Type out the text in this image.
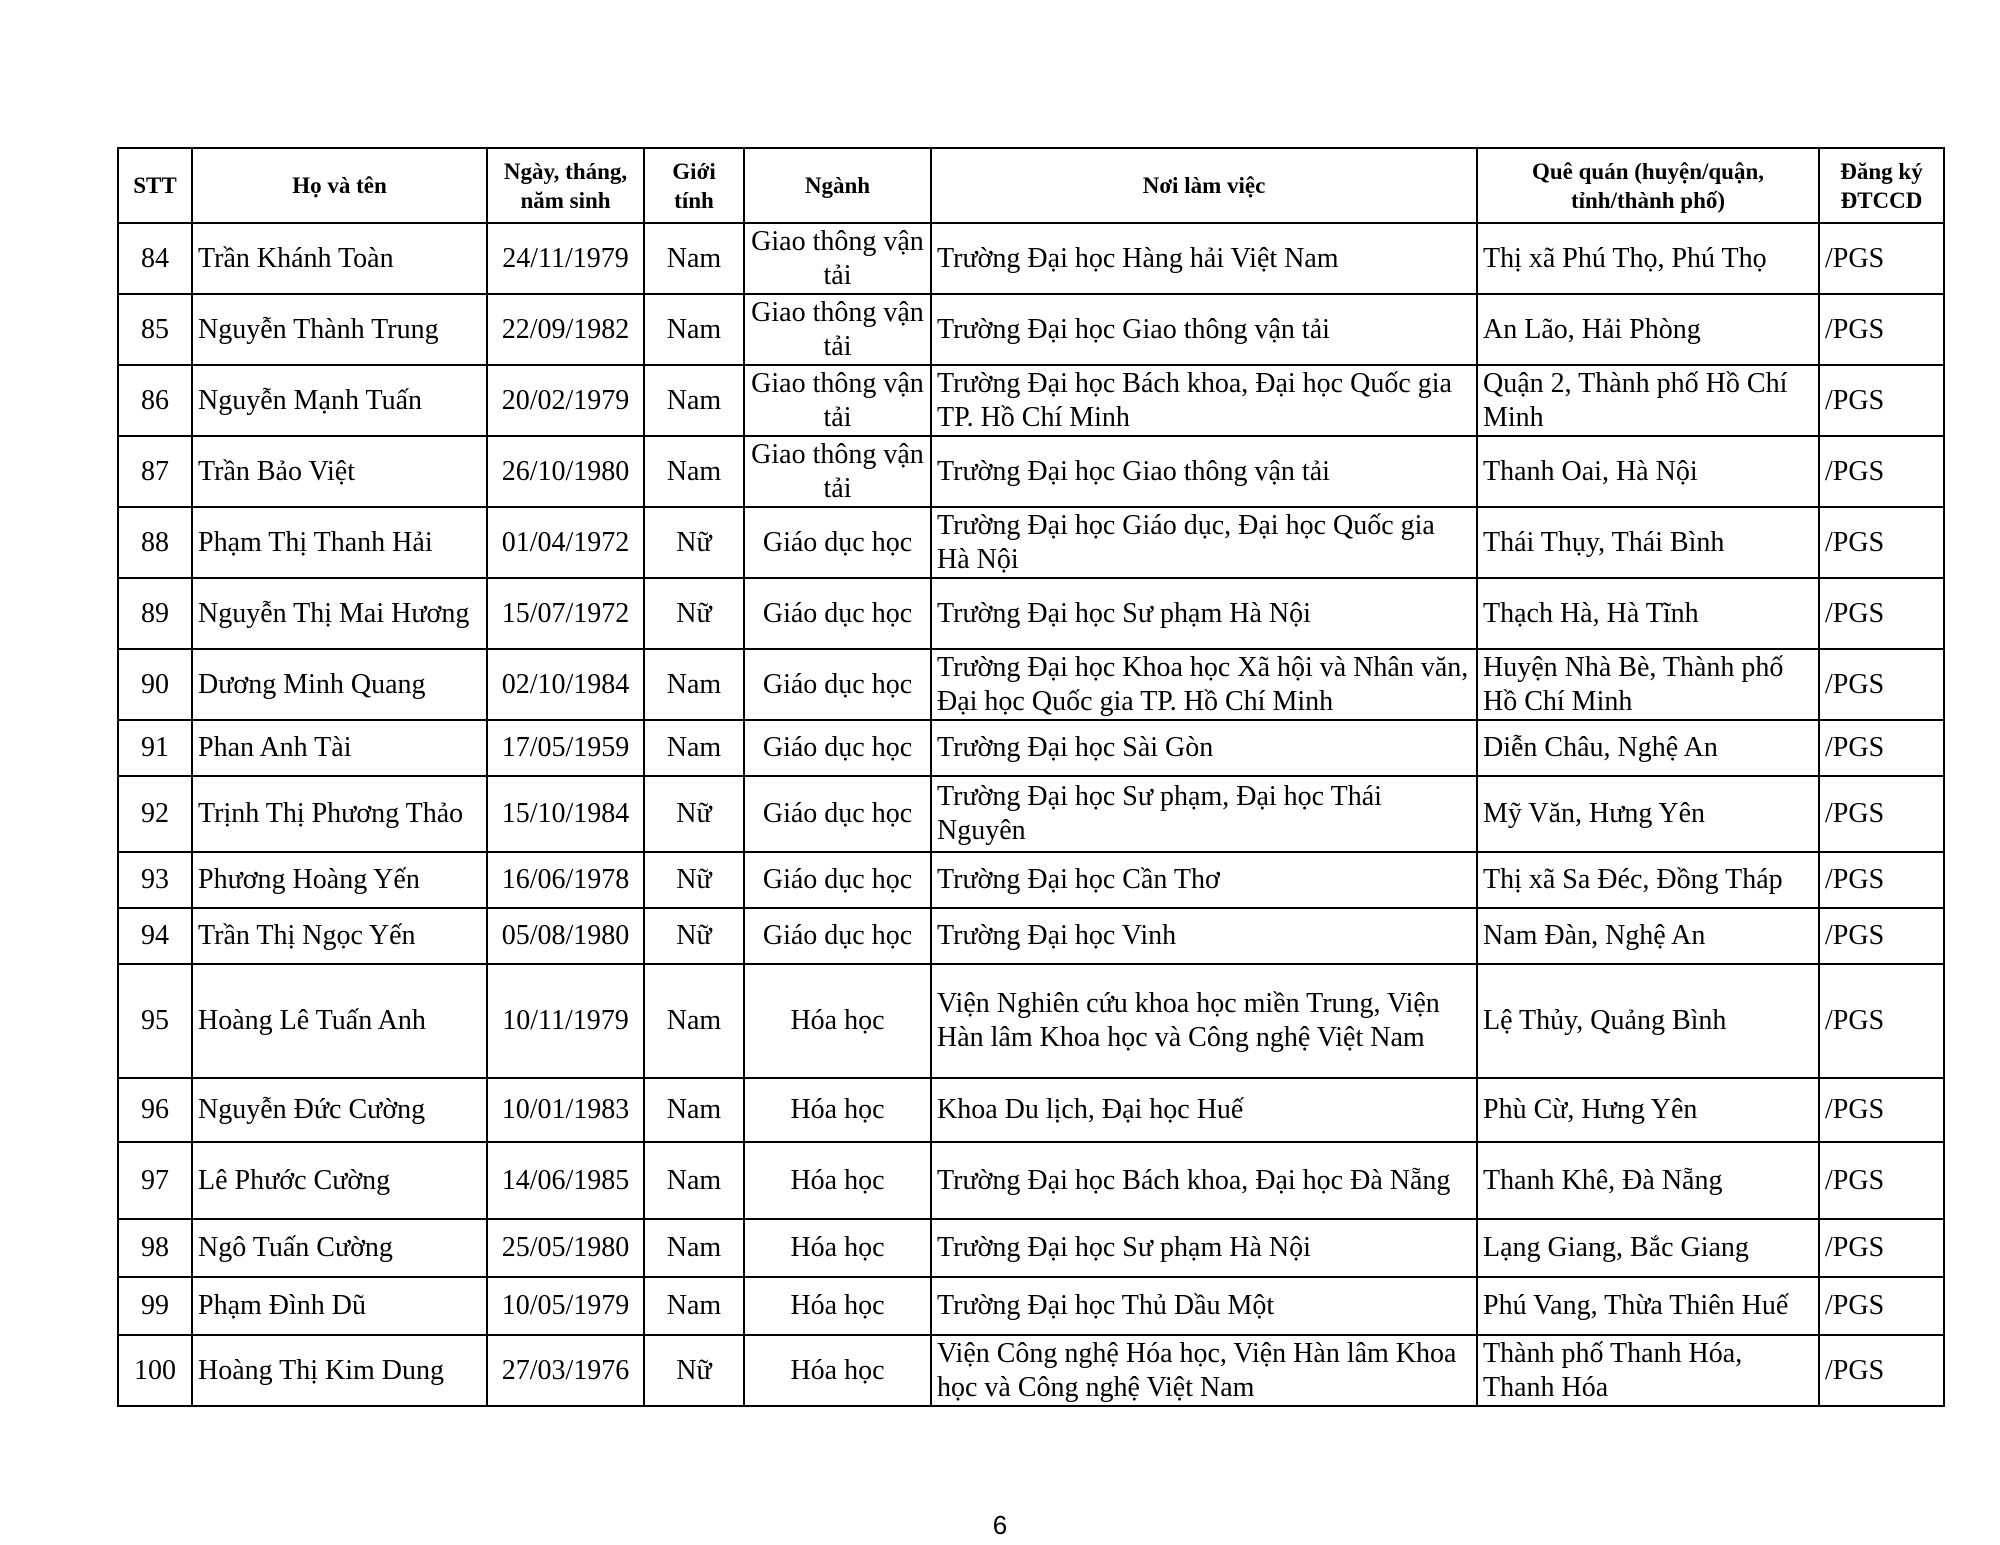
STT	Họ và tên	Ngày, tháng, năm sinh	Giới tính	Ngành	Nơi làm việc	Quê quán (huyện/quận, tỉnh/thành phố)	Đăng ký ĐTCCD
84	Trần Khánh Toàn	24/11/1979	Nam	Giao thông vận tải	Trường Đại học Hàng hải Việt Nam	Thị xã Phú Thọ, Phú Thọ	/PGS
85	Nguyễn Thành Trung	22/09/1982	Nam	Giao thông vận tải	Trường Đại học Giao thông vận tải	An Lão, Hải Phòng	/PGS
86	Nguyễn Mạnh Tuấn	20/02/1979	Nam	Giao thông vận tải	Trường Đại học Bách khoa, Đại học Quốc gia TP. Hồ Chí Minh	Quận 2, Thành phố Hồ Chí Minh	/PGS
87	Trần Bảo Việt	26/10/1980	Nam	Giao thông vận tải	Trường Đại học Giao thông vận tải	Thanh Oai, Hà Nội	/PGS
88	Phạm Thị Thanh Hải	01/04/1972	Nữ	Giáo dục học	Trường Đại học Giáo dục, Đại học Quốc gia Hà Nội	Thái Thụy, Thái Bình	/PGS
89	Nguyễn Thị Mai Hương	15/07/1972	Nữ	Giáo dục học	Trường Đại học Sư phạm Hà Nội	Thạch Hà, Hà Tĩnh	/PGS
90	Dương Minh Quang	02/10/1984	Nam	Giáo dục học	Trường Đại học Khoa học Xã hội và Nhân văn, Đại học Quốc gia TP. Hồ Chí Minh	Huyện Nhà Bè, Thành phố Hồ Chí Minh	/PGS
91	Phan Anh Tài	17/05/1959	Nam	Giáo dục học	Trường Đại học Sài Gòn	Diễn Châu, Nghệ An	/PGS
92	Trịnh Thị Phương Thảo	15/10/1984	Nữ	Giáo dục học	Trường Đại học Sư phạm, Đại học Thái Nguyên	Mỹ Văn, Hưng Yên	/PGS
93	Phương Hoàng Yến	16/06/1978	Nữ	Giáo dục học	Trường Đại học Cần Thơ	Thị xã Sa Đéc, Đồng Tháp	/PGS
94	Trần Thị Ngọc Yến	05/08/1980	Nữ	Giáo dục học	Trường Đại học Vinh	Nam Đàn, Nghệ An	/PGS
95	Hoàng Lê Tuấn Anh	10/11/1979	Nam	Hóa học	Viện Nghiên cứu khoa học miền Trung, Viện Hàn lâm Khoa học và Công nghệ Việt Nam	Lệ Thủy, Quảng Bình	/PGS
96	Nguyễn Đức Cường	10/01/1983	Nam	Hóa học	Khoa Du lịch, Đại học Huế	Phù Cừ, Hưng Yên	/PGS
97	Lê Phước Cường	14/06/1985	Nam	Hóa học	Trường Đại học Bách khoa, Đại học Đà Nẵng	Thanh Khê, Đà Nẵng	/PGS
98	Ngô Tuấn Cường	25/05/1980	Nam	Hóa học	Trường Đại học Sư phạm Hà Nội	Lạng Giang, Bắc Giang	/PGS
99	Phạm Đình Dũ	10/05/1979	Nam	Hóa học	Trường Đại học Thủ Dầu Một	Phú Vang, Thừa Thiên Huế	/PGS
100	Hoàng Thị Kim Dung	27/03/1976	Nữ	Hóa học	Viện Công nghệ Hóa học, Viện Hàn lâm Khoa học và Công nghệ Việt Nam	Thành phố Thanh Hóa, Thanh Hóa	/PGS
6
